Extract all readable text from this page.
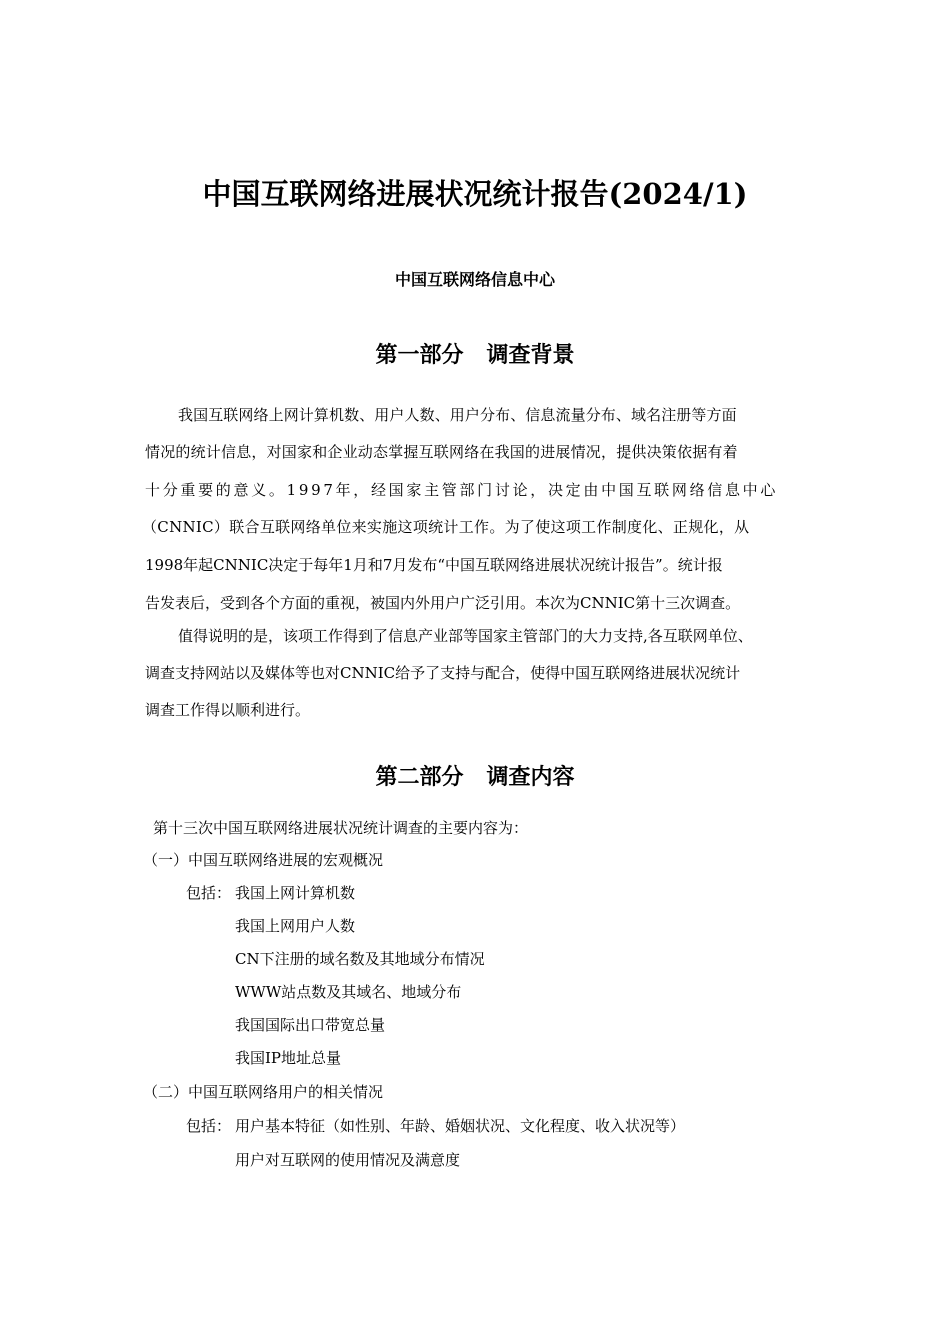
中国互联网络进展状况统计报告(2024/1)
中国互联网络信息中心
第一部分   调查背景
我国互联网络上网计算机数、用户人数、用户分布、信息流量分布、域名注册等方面
情况的统计信息，对国家和企业动态掌握互联网络在我国的进展情况，提供决策依据有着
十分重要的意义。1997年，经国家主管部门讨论，决定由中国互联网络信息中心
（CNNIC）联合互联网络单位来实施这项统计工作。为了使这项工作制度化、正规化，从
1998年起CNNIC决定于每年1月和7月发布“中国互联网络进展状况统计报告”。统计报
告发表后，受到各个方面的重视，被国内外用户广泛引用。本次为CNNIC第十三次调查。
值得说明的是，该项工作得到了信息产业部等国家主管部门的大力支持,各互联网单位、
调查支持网站以及媒体等也对CNNIC给予了支持与配合，使得中国互联网络进展状况统计
调查工作得以顺利进行。
第二部分   调查内容
第十三次中国互联网络进展状况统计调查的主要内容为：
（一）中国互联网络进展的宏观概况
包括： 我国上网计算机数
我国上网用户人数
CN下注册的域名数及其地域分布情况
WWW站点数及其域名、地域分布
我国国际出口带宽总量
我国IP地址总量
（二）中国互联网络用户的相关情况
包括： 用户基本特征（如性别、年龄、婚姻状况、文化程度、收入状况等）
用户对互联网的使用情况及满意度
